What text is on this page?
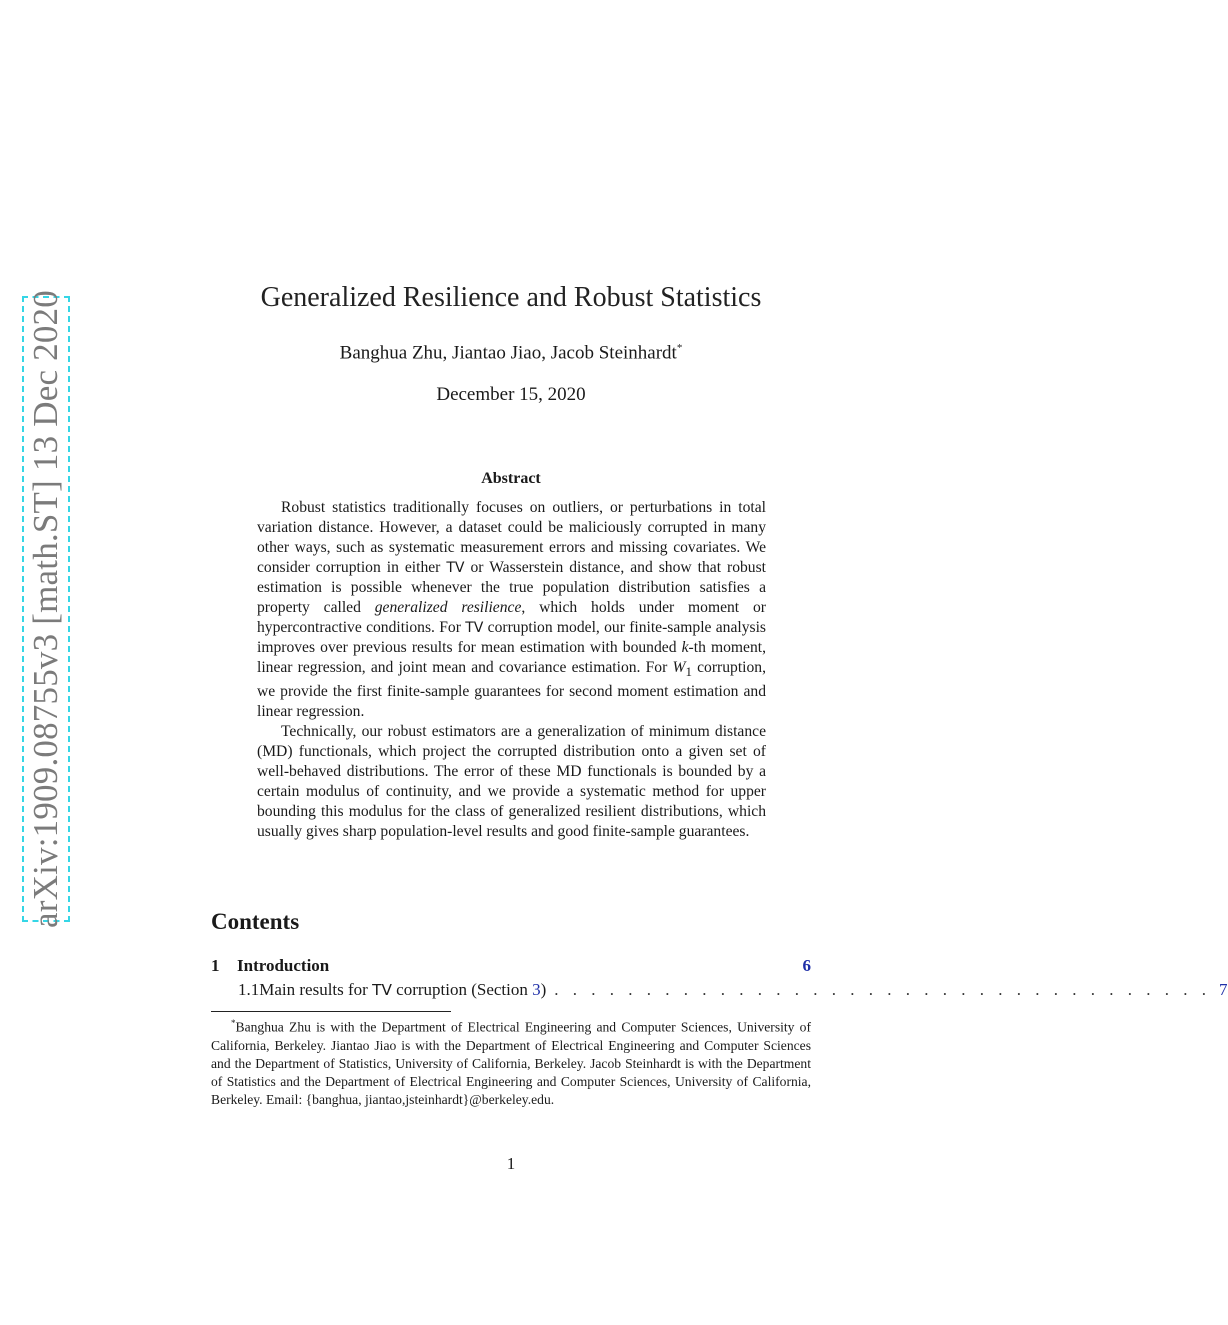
arXiv:1909.08755v3 [math.ST] 13 Dec 2020	Generalized Resilience and Robust Statistics
Banghua Zhu, Jiantao Jiao, Jacob Steinhardt*
December 15, 2020
Abstract

Robust statistics traditionally focuses on outliers, or perturbations in total variation distance. However, a dataset could be maliciously corrupted in many other ways, such as systematic measurement errors and missing covariates. We consider corruption in either TV or Wasserstein distance, and show that robust estimation is possible whenever the true population distribution satisfies a property called generalized resilience, which holds under moment or hypercontractive conditions. For TV corruption model, our finite-sample analysis improves over previous results for mean estimation with bounded k-th moment, linear regression, and joint mean and covariance estimation. For $W_1$ corruption, we provide the first finite-sample guarantees for second moment estimation and linear regression.

Technically, our robust estimators are a generalization of minimum distance (MD) functionals, which project the corrupted distribution onto a given set of well-behaved distributions. The error of these MD functionals is bounded by a certain modulus of continuity, and we provide a systematic method for upper bounding this modulus for the class of generalized resilient distributions, which usually gives sharp population-level results and good finite-sample guarantees.

Contents
1	Introduction	6
1.1 Main results for TV corruption (Section 3) . . . . . . . . . . . . . . . . . . . . . . . . . . . . . . . . . . . . 7
*Banghua Zhu is with the Department of Electrical Engineering and Computer Sciences, University of California, Berkeley. Jiantao Jiao is with the Department of Electrical Engineering and Computer Sciences and the Department of Statistics, University of California, Berkeley. Jacob Steinhardt is with the Department of Statistics and the Department of Electrical Engineering and Computer Sciences, University of California, Berkeley. Email: {banghua, jiantao,jsteinhardt}@berkeley.edu.
1
